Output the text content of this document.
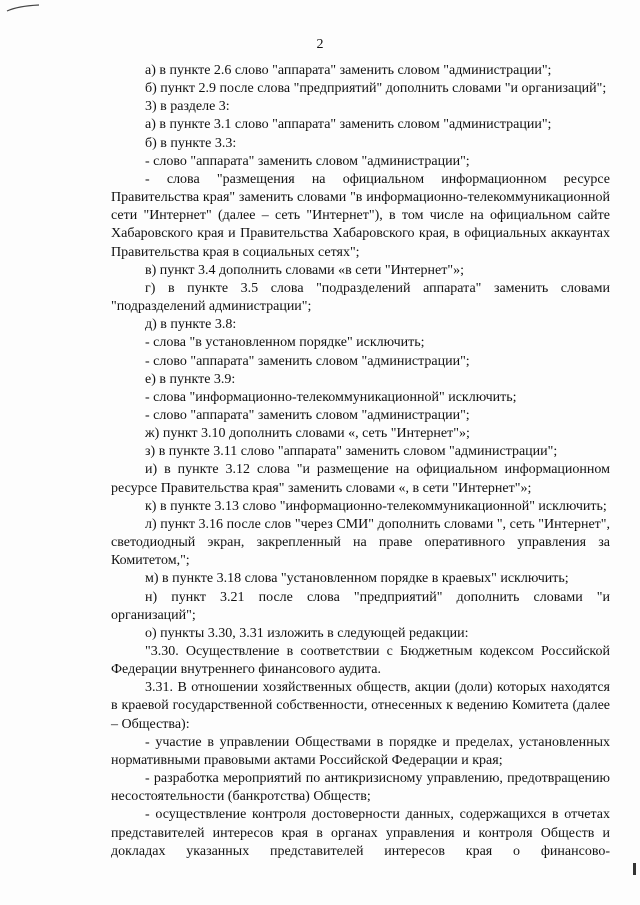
2

а) в пункте 2.6 слово "аппарата" заменить словом "администрации";

б) пункт 2.9 после слова "предприятий" дополнить словами "и организаций";

3) в разделе 3:

а) в пункте 3.1 слово "аппарата" заменить словом "администрации";

б) в пункте 3.3:

- слово "аппарата" заменить словом "администрации";

- слова "размещения на официальном информационном ресурсе Правительства края" заменить словами "в информационно-телекоммуникационной сети "Интернет" (далее – сеть "Интернет"), в том числе на официальном сайте Хабаровского края и Правительства Хабаровского края, в официальных аккаунтах Правительства края в социальных сетях";

в) пункт 3.4 дополнить словами «в сети "Интернет"»;

г) в пункте 3.5 слова "подразделений аппарата" заменить словами "подразделений администрации";

д) в пункте 3.8:

- слова "в установленном порядке" исключить;

- слово "аппарата" заменить словом "администрации";

е) в пункте 3.9:

- слова "информационно-телекоммуникационной" исключить;

- слово "аппарата" заменить словом "администрации";

ж) пункт 3.10 дополнить словами «, сеть "Интернет"»;

з) в пункте 3.11 слово "аппарата" заменить словом "администрации";

и) в пункте 3.12 слова "и размещение на официальном информационном ресурсе Правительства края" заменить словами «, в сети "Интернет"»;

к) в пункте 3.13 слово "информационно-телекоммуникационной" исключить;

л) пункт 3.16 после слов "через СМИ" дополнить словами ", сеть "Интернет", светодиодный экран, закрепленный на праве оперативного управления за Комитетом,";

м) в пункте 3.18 слова "установленном порядке в краевых" исключить;

н) пункт 3.21 после слова "предприятий" дополнить словами "и организаций";

о) пункты 3.30, 3.31 изложить в следующей редакции:

"3.30. Осуществление в соответствии с Бюджетным кодексом Российской Федерации внутреннего финансового аудита.

3.31. В отношении хозяйственных обществ, акции (доли) которых находятся в краевой государственной собственности, отнесенных к ведению Комитета (далее – Общества):

- участие в управлении Обществами в порядке и пределах, установленных нормативными правовыми актами Российской Федерации и края;

- разработка мероприятий по антикризисному управлению, предотвращению несостоятельности (банкротства) Обществ;

- осуществление контроля достоверности данных, содержащихся в отчетах представителей интересов края в органах управления и контроля Обществ и докладах указанных представителей интересов края о финансово-
